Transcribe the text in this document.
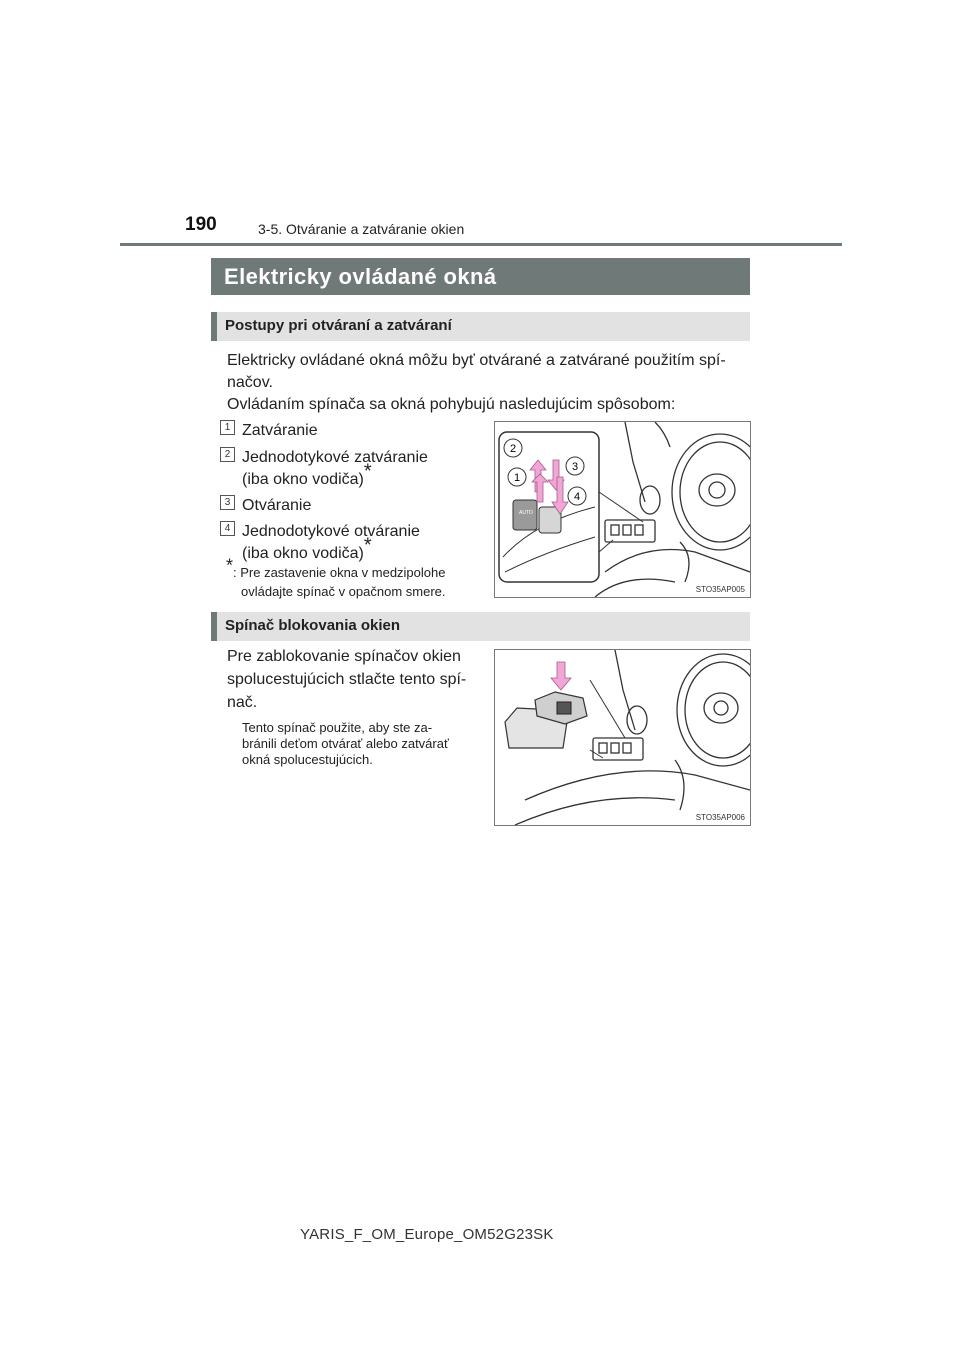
190	3-5. Otváranie a zatváranie okien
Elektricky ovládané okná
Postupy pri otváraní a zatváraní
Elektricky ovládané okná môžu byť otvárané a zatvárané použitím spí-
načov.
Ovládaním spínača sa okná pohybujú nasledujúcim spôsobom:
1 Zatváranie
2 Jednodotykové zatváranie
(iba okno vodiča)*
3 Otváranie
4 Jednodotykové otváranie
(iba okno vodiča)*
*: Pre zastavenie okna v medzipolohe
ovládajte spínač v opačnom smere.
AUTO
2
1
3
4
STO35AP005
Spínač blokovania okien
Pre zablokovanie spínačov okien
spolucestujúcich stlačte tento spí-
nač.
Tento spínač použite, aby ste za-
bránili deťom otvárať alebo zatvárať
okná spolucestujúcich.
STO35AP006
YARIS_F_OM_Europe_OM52G23SK
